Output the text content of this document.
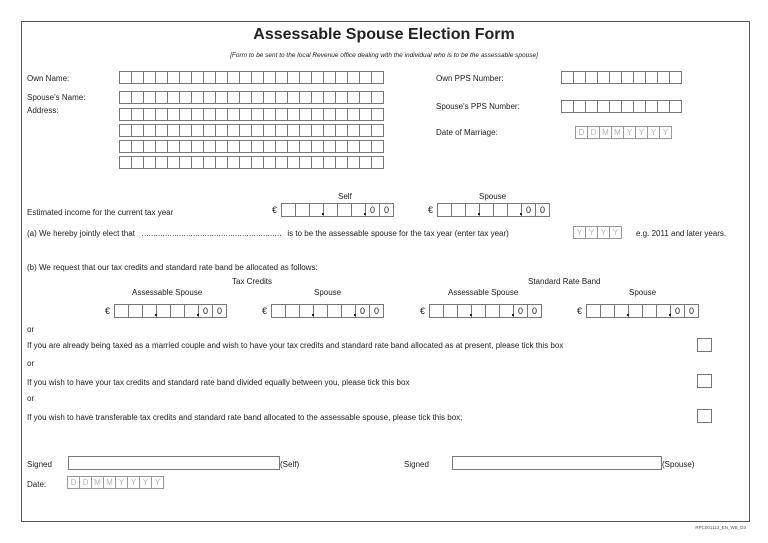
Assessable Spouse Election Form
[Form to be sent to the local Revenue office dealing with the individual who is to be the assessable spouse]
Own Name:
Spouse's Name:
Address:
Own PPS Number:
Spouse's PPS Number:
Date of Marriage:	D D M M Y Y Y Y
Self	Spouse
Estimated income for the current tax year	€	0 0	€	0 0
(a) We hereby jointly elect that …………………………………………………… is to be the assessable spouse for the tax year (enter tax year)	Y Y Y Y	e.g. 2011 and later years.
(b) We request that our tax credits and standard rate band be allocated as follows:
Tax Credits	Standard Rate Band
Assessable Spouse	Spouse	Assessable Spouse	Spouse
€	0 0	€	0 0	€	0 0	€	0 0
or
If you are already being taxed as a married couple and wish to have your tax credits and standard rate band allocated as at present, please tick this box
or
If you wish to have your tax credits and standard rate band divided equally between you, please tick this box
or
If you wish to have transferable tax credits and standard rate band allocated to the assessable spouse, please tick this box;
Signed	(Self)	Signed	(Spouse)
Date:	D D M M Y Y Y Y
RPC001113_EN_WB_D3
